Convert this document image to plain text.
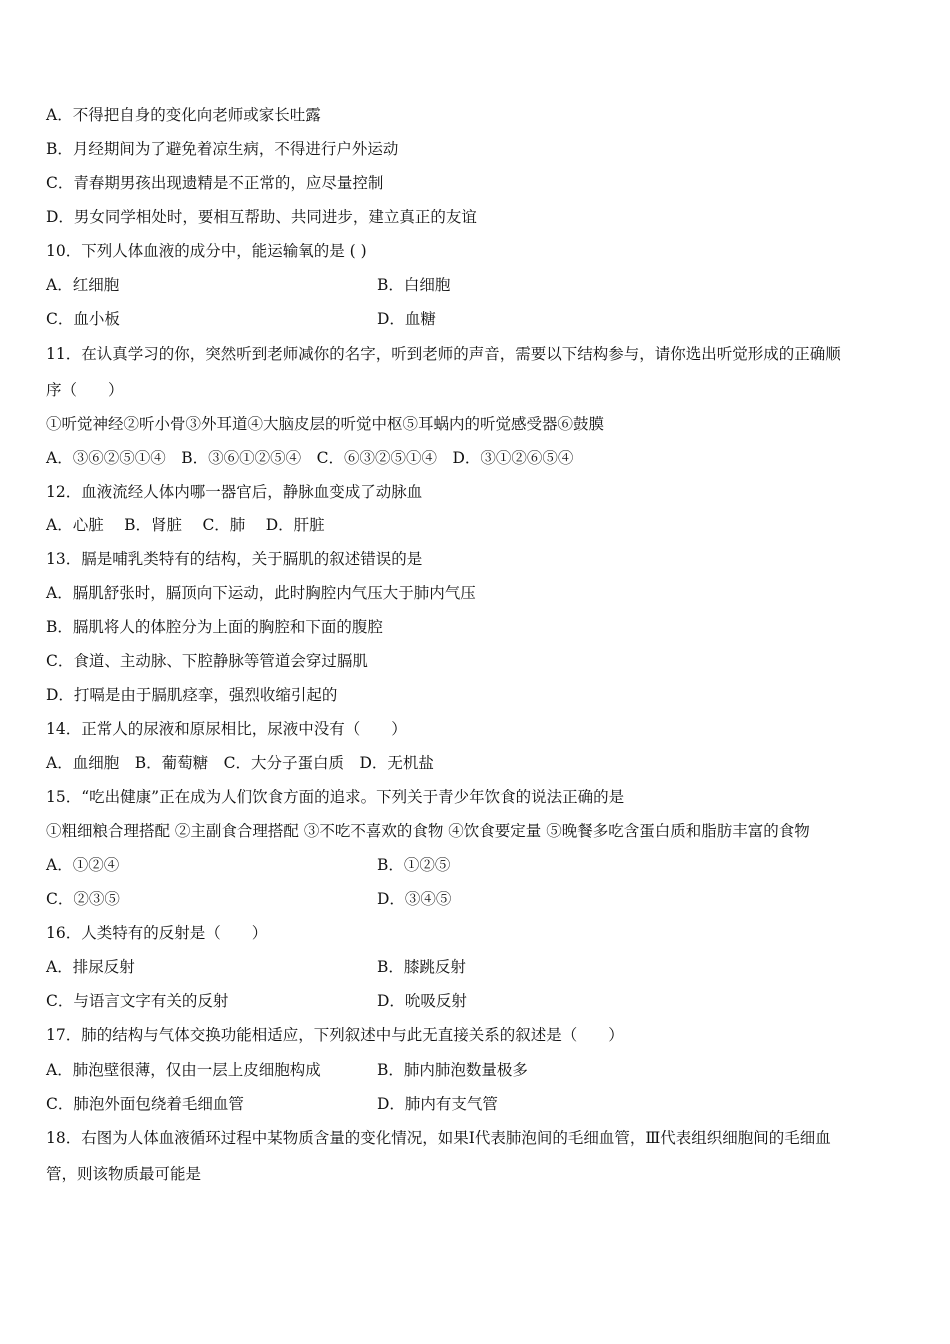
A．不得把自身的变化向老师或家长吐露
B．月经期间为了避免着凉生病，不得进行户外运动
C．青春期男孩出现遗精是不正常的，应尽量控制
D．男女同学相处时，要相互帮助、共同进步，建立真正的友谊
10．下列人体血液的成分中，能运输氧的是 ( )
A．红细胞	B．白细胞
C．血小板	D．血糖
11．在认真学习的你，突然听到老师减你的名字，听到老师的声音，需要以下结构参与，请你选出听觉形成的正确顺
序（　　）
①听觉神经②听小骨③外耳道④大脑皮层的听觉中枢⑤耳蜗内的听觉感受器⑥鼓膜
A．③⑥②⑤①④　B．③⑥①②⑤④　C．⑥③②⑤①④　D．③①②⑥⑤④
12．血液流经人体内哪一器官后，静脉血变成了动脉血
A．心脏　 B．肾脏　 C．肺　 D．肝脏
13．膈是哺乳类特有的结构，关于膈肌的叙述错误的是
A．膈肌舒张时，膈顶向下运动，此时胸腔内气压大于肺内气压
B．膈肌将人的体腔分为上面的胸腔和下面的腹腔
C．食道、主动脉、下腔静脉等管道会穿过膈肌
D．打嗝是由于膈肌痉挛，强烈收缩引起的
14．正常人的尿液和原尿相比，尿液中没有（　　）
A．血细胞　B．葡萄糖　C．大分子蛋白质　D．无机盐
15．“吃出健康”正在成为人们饮食方面的追求。下列关于青少年饮食的说法正确的是
①粗细粮合理搭配 ②主副食合理搭配 ③不吃不喜欢的食物 ④饮食要定量 ⑤晚餐多吃含蛋白质和脂肪丰富的食物
A．①②④	B．①②⑤
C．②③⑤	D．③④⑤
16．人类特有的反射是（　　）
A．排尿反射	B．膝跳反射
C．与语言文字有关的反射	D．吮吸反射
17．肺的结构与气体交换功能相适应，下列叙述中与此无直接关系的叙述是（　　）
A．肺泡壁很薄，仅由一层上皮细胞构成	B．肺内肺泡数量极多
C．肺泡外面包绕着毛细血管	D．肺内有支气管
18．右图为人体血液循环过程中某物质含量的变化情况，如果Ⅰ代表肺泡间的毛细血管，Ⅲ代表组织细胞间的毛细血
管，则该物质最可能是
